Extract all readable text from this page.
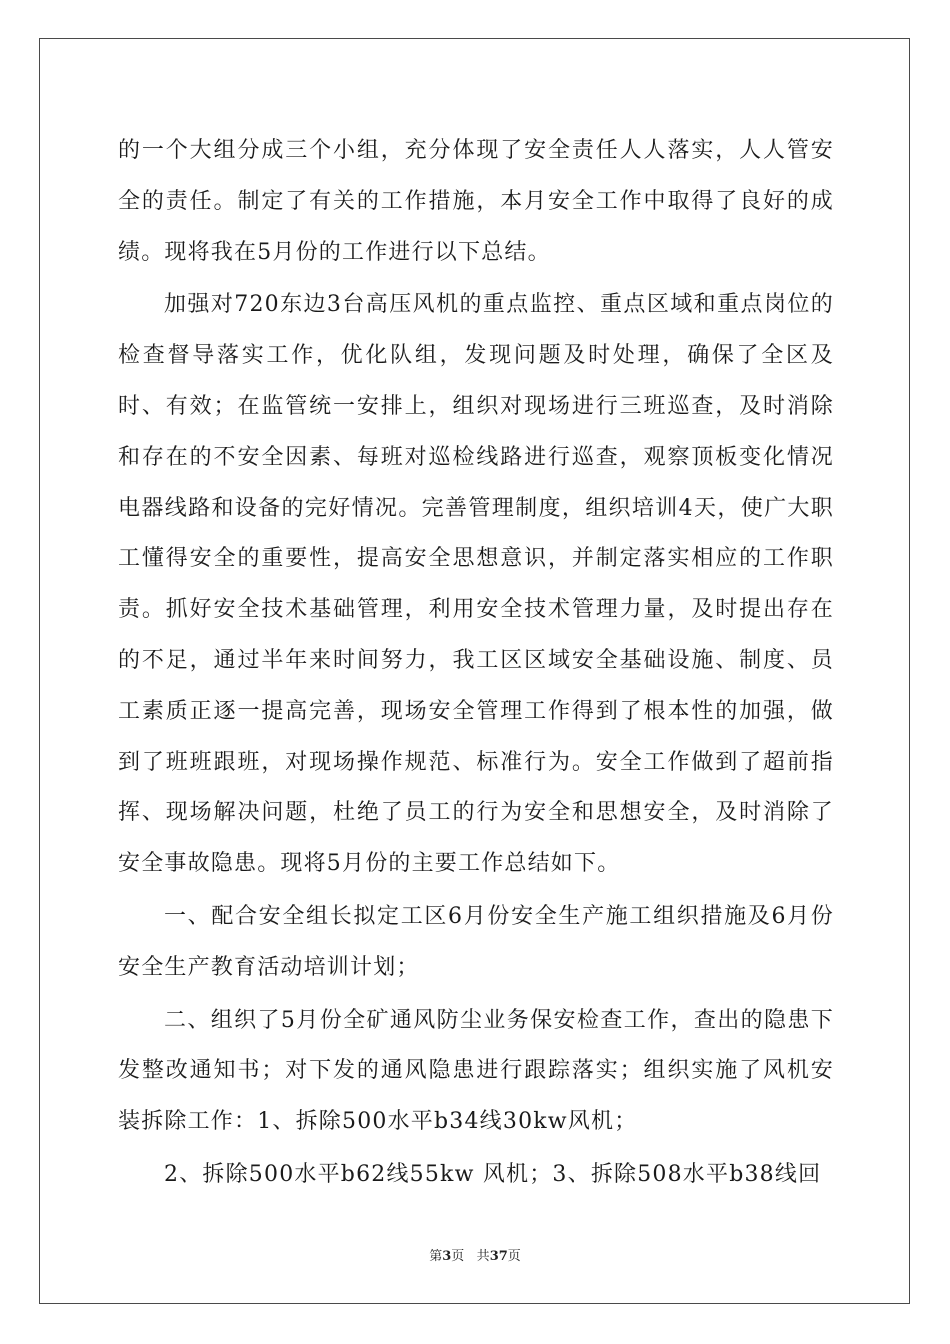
的一个大组分成三个小组，充分体现了安全责任人人落实，人人管安全的责任。制定了有关的工作措施，本月安全工作中取得了良好的成绩。现将我在5月份的工作进行以下总结。

加强对720东边3台高压风机的重点监控、重点区域和重点岗位的检查督导落实工作，优化队组，发现问题及时处理，确保了全区及时、有效；在监管统一安排上，组织对现场进行三班巡查，及时消除和存在的不安全因素、每班对巡检线路进行巡查，观察顶板变化情况电器线路和设备的完好情况。完善管理制度，组织培训4天，使广大职工懂得安全的重要性，提高安全思想意识，并制定落实相应的工作职责。抓好安全技术基础管理，利用安全技术管理力量，及时提出存在的不足，通过半年来时间努力，我工区区域安全基础设施、制度、员工素质正逐一提高完善，现场安全管理工作得到了根本性的加强，做到了班班跟班，对现场操作规范、标准行为。安全工作做到了超前指挥、现场解决问题，杜绝了员工的行为安全和思想安全，及时消除了安全事故隐患。现将5月份的主要工作总结如下。

一、配合安全组长拟定工区6月份安全生产施工组织措施及6月份安全生产教育活动培训计划；

二、组织了5月份全矿通风防尘业务保安检查工作，查出的隐患下发整改通知书；对下发的通风隐患进行跟踪落实；组织实施了风机安装拆除工作：1、拆除500水平b34线30kw风机；

2、拆除500水平b62线55kw 风机；3、拆除508水平b38线回

第3页 共37页
